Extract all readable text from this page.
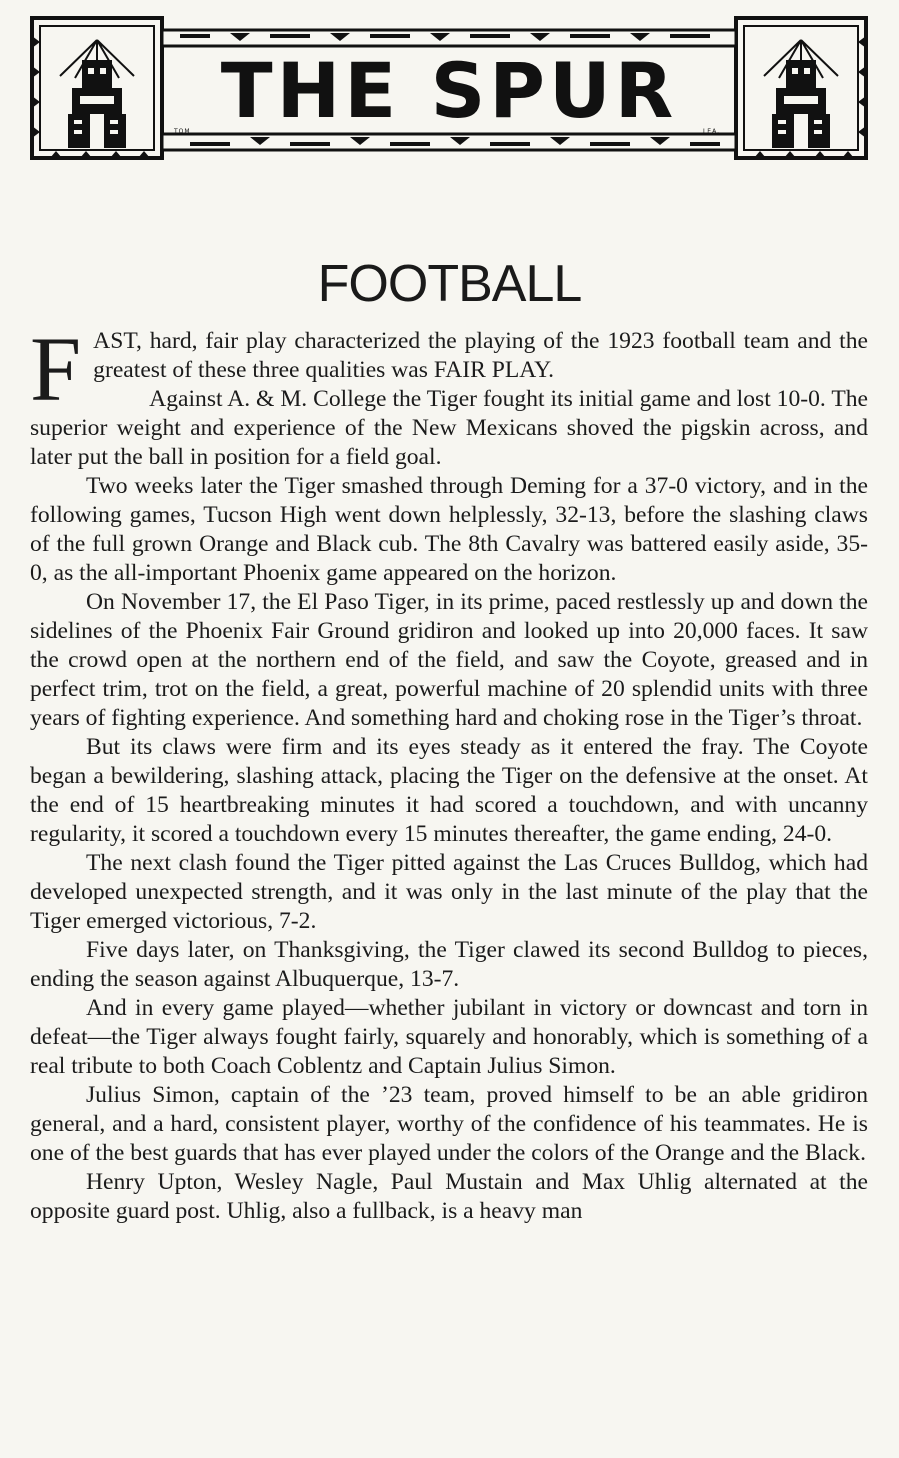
THE SPUR
TOM	LEA.
FOOTBALL

FAST, hard, fair play characterized the playing of the 1923 football team and the greatest of these three qualities was FAIR PLAY.

Against A. & M. College the Tiger fought its initial game and lost 10-0. The superior weight and experience of the New Mexicans shoved the pigskin across, and later put the ball in position for a field goal.

Two weeks later the Tiger smashed through Deming for a 37-0 victory, and in the following games, Tucson High went down helplessly, 32-13, before the slashing claws of the full grown Orange and Black cub. The 8th Cavalry was battered easily aside, 35-0, as the all-important Phoenix game appeared on the horizon.

On November 17, the El Paso Tiger, in its prime, paced restlessly up and down the sidelines of the Phoenix Fair Ground gridiron and looked up into 20,000 faces. It saw the crowd open at the northern end of the field, and saw the Coyote, greased and in perfect trim, trot on the field, a great, powerful machine of 20 splendid units with three years of fighting experience. And something hard and choking rose in the Tiger’s throat.

But its claws were firm and its eyes steady as it entered the fray. The Coyote began a bewildering, slashing attack, placing the Tiger on the defensive at the onset. At the end of 15 heartbreaking minutes it had scored a touchdown, and with uncanny regularity, it scored a touchdown every 15 minutes thereafter, the game ending, 24-0.

The next clash found the Tiger pitted against the Las Cruces Bulldog, which had developed unexpected strength, and it was only in the last minute of the play that the Tiger emerged victorious, 7-2.

Five days later, on Thanksgiving, the Tiger clawed its second Bulldog to pieces, ending the season against Albuquerque, 13-7.

And in every game played—whether jubilant in victory or downcast and torn in defeat—the Tiger always fought fairly, squarely and honorably, which is something of a real tribute to both Coach Coblentz and Captain Julius Simon.

Julius Simon, captain of the ’23 team, proved himself to be an able gridiron general, and a hard, consistent player, worthy of the confidence of his teammates. He is one of the best guards that has ever played under the colors of the Orange and the Black.

Henry Upton, Wesley Nagle, Paul Mustain and Max Uhlig alternated at the opposite guard post. Uhlig, also a fullback, is a heavy man
